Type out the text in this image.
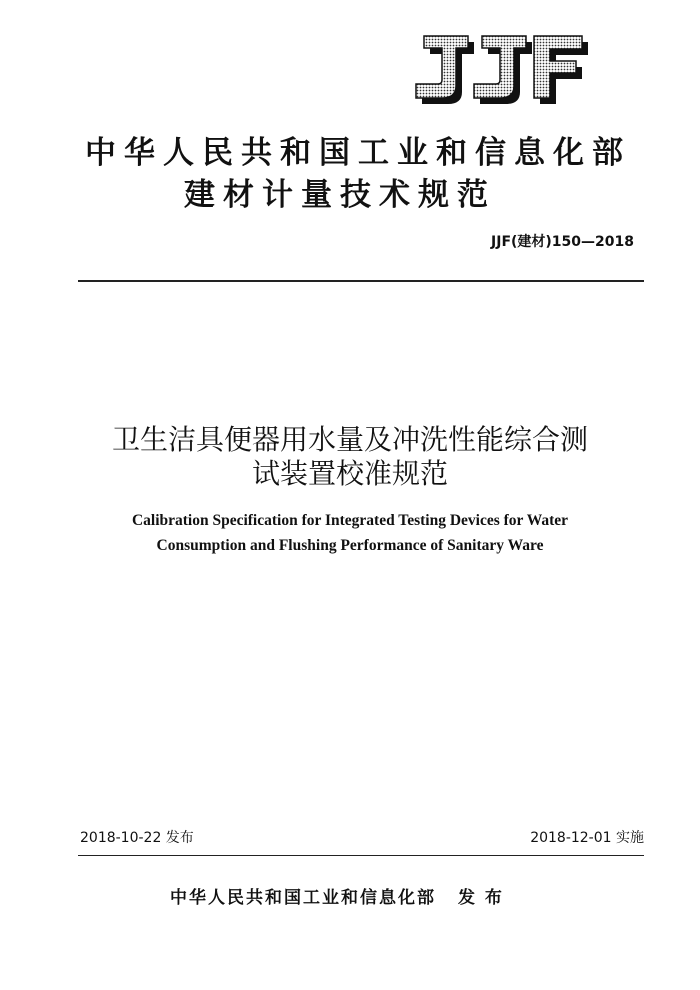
中华人民共和国工业和信息化部
建材计量技术规范
JJF(建材)150—2018
卫生洁具便器用水量及冲洗性能综合测
试装置校准规范
Calibration Specification for Integrated Testing Devices for Water
Consumption and Flushing Performance of Sanitary Ware
2018-10-22 发布	2018-12-01 实施
中华人民共和国工业和信息化部 发 布
